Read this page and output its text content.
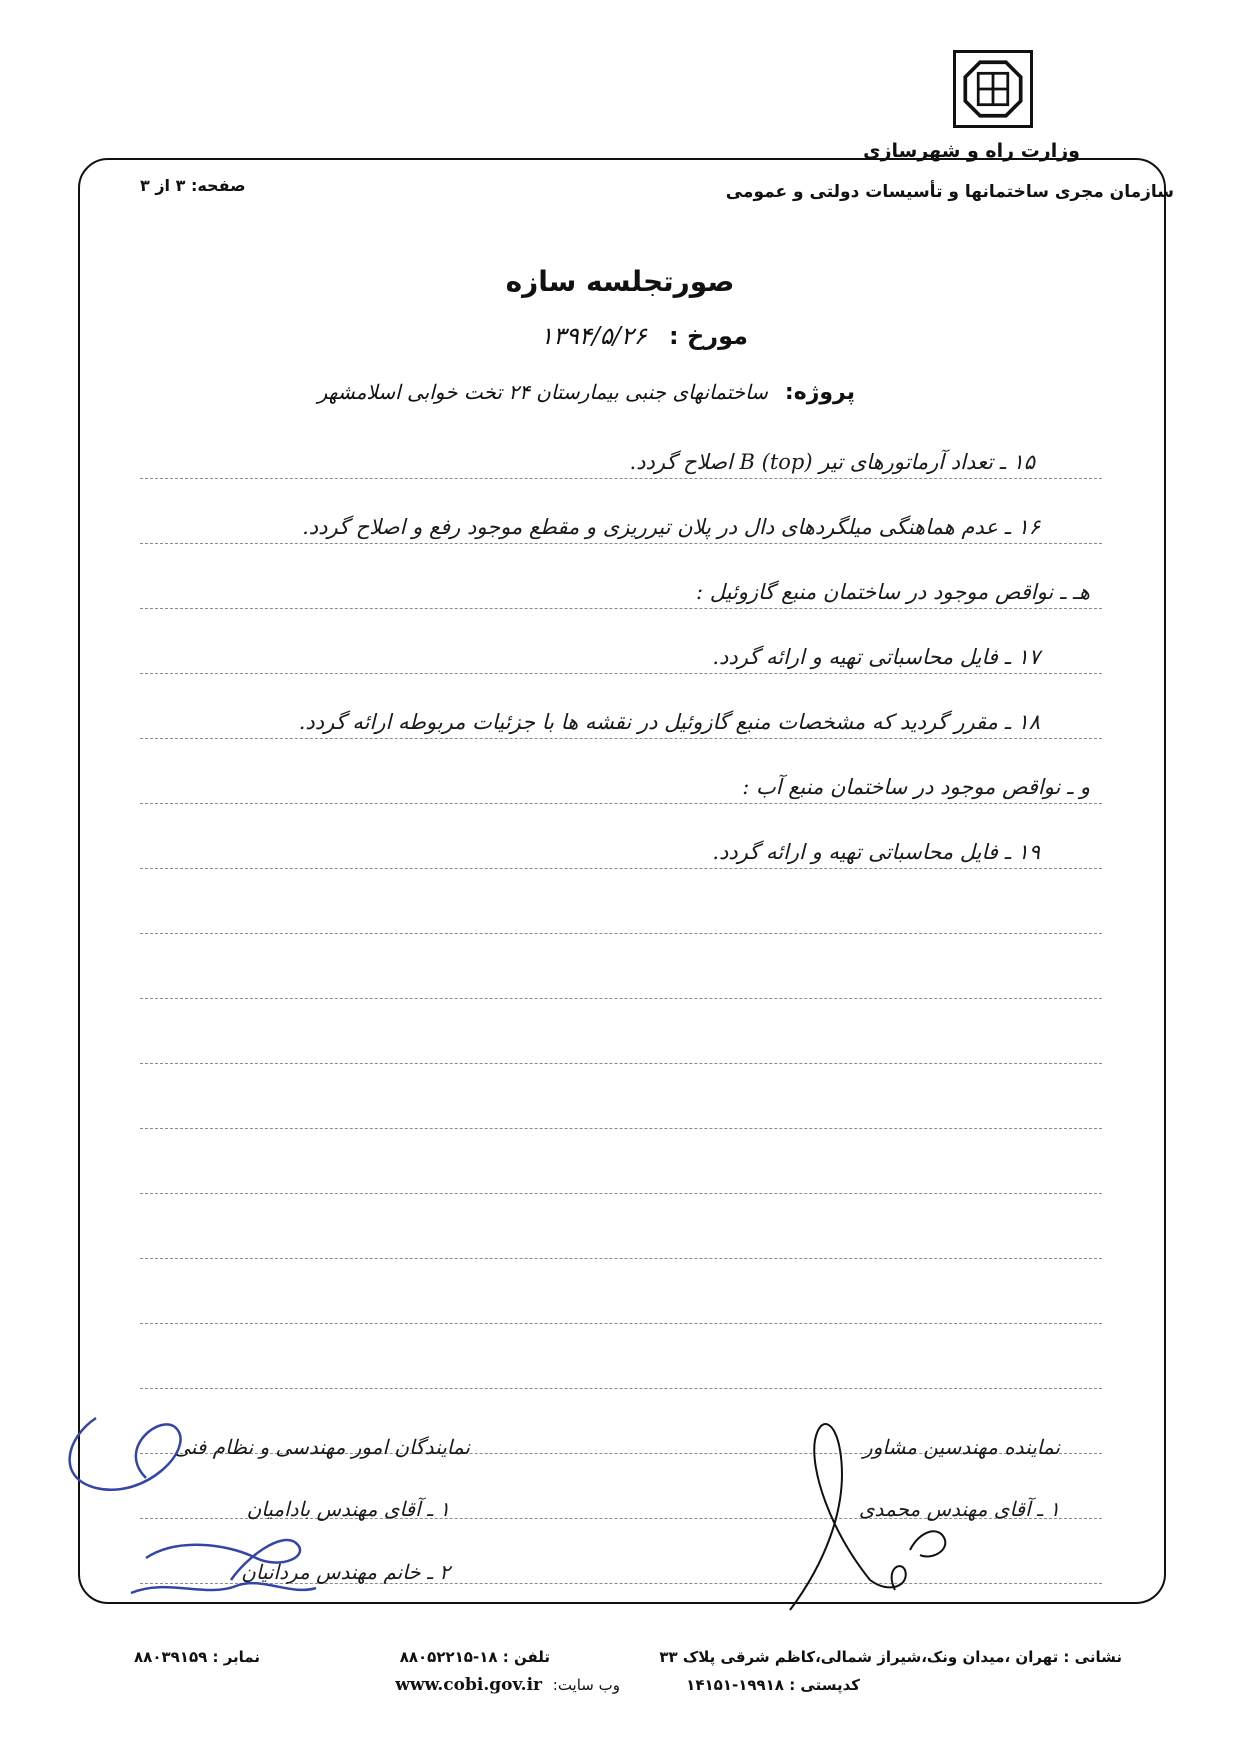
وزارت راه و شهرسازی
سازمان مجری ساختمانها و تأسیسات دولتی و عمومی
صفحه: ۳ از ۳
صورتجلسه سازه
مورخ : ۱۳۹۴/۵/۲۶
پروژه: ساختمانهای جنبی بیمارستان ۲۴ تخت خوابی اسلامشهر
۱۵ ـ تعداد آرماتورهای تیر B (top) اصلاح گردد.
۱۶ ـ عدم هماهنگی میلگردهای دال در پلان تیرریزی و مقطع موجود رفع و اصلاح گردد.
هـ ـ نواقص موجود در ساختمان منبع گازوئیل :
۱۷ ـ فایل محاسباتی تهیه و ارائه گردد.
۱۸ ـ مقرر گردید که مشخصات منبع گازوئیل در نقشه ها با جزئیات مربوطه ارائه گردد.
و ـ نواقص موجود در ساختمان منبع آب :
۱۹ ـ فایل محاسباتی تهیه و ارائه گردد.
نماینده مهندسین مشاور
۱ ـ آقای مهندس محمدی
نمایندگان امور مهندسی و نظام فنی
۱ ـ آقای مهندس بادامیان
۲ ـ خانم مهندس مردانیان
نشانی : تهران ،میدان ونک،شیراز شمالی،کاظم شرقی پلاک ۳۳
تلفن : ۱۸-۸۸۰۵۲۲۱۵
نمابر : ۸۸۰۳۹۱۵۹
کدپستی : ۱۹۹۱۸-۱۴۱۵۱
وب سایت: www.cobi.gov.ir
